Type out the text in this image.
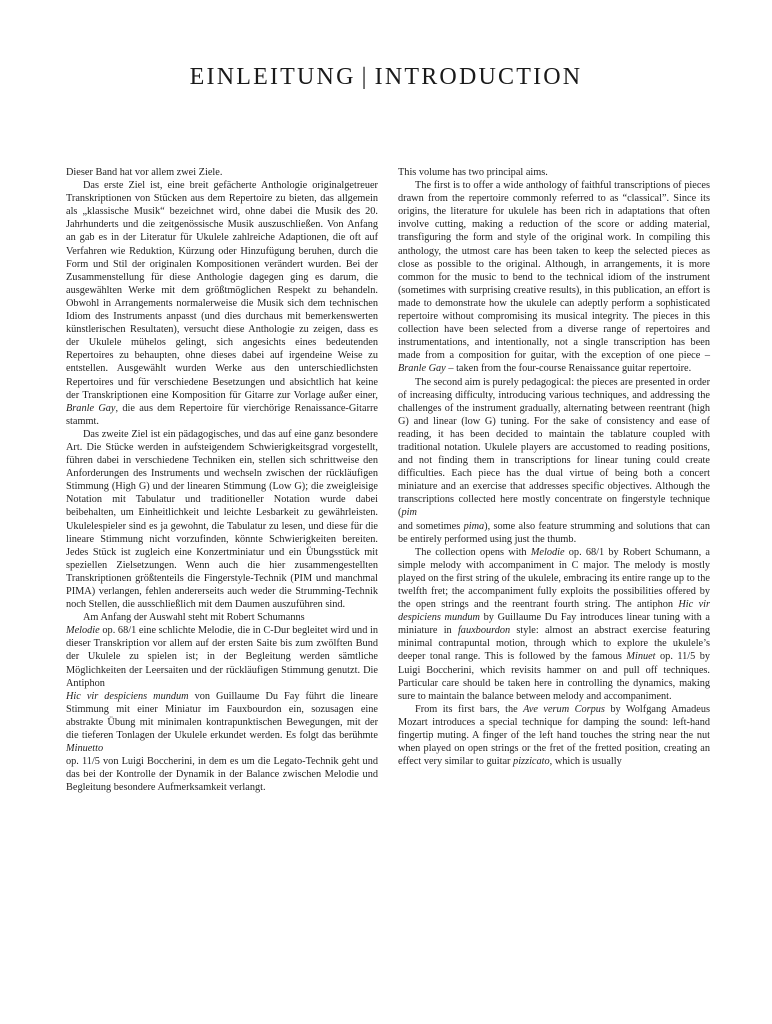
EINLEITUNG | INTRODUCTION

Dieser Band hat vor allem zwei Ziele.

Das erste Ziel ist, eine breit gefächerte Anthologie originalgetreuer Transkriptionen von Stücken aus dem Repertoire zu bieten, das allgemein als „klassische Musik“ bezeichnet wird, ohne dabei die Musik des 20. Jahrhunderts und die zeitgenössische Musik auszuschließen. Von Anfang an gab es in der Literatur für Ukulele zahlreiche Adaptionen, die oft auf Verfahren wie Reduktion, Kürzung oder Hinzufügung beruhen, durch die Form und Stil der originalen Kompositionen verändert wurden. Bei der Zusammenstellung für diese Anthologie dagegen ging es darum, die ausgewählten Werke mit dem größtmöglichen Respekt zu behandeln. Obwohl in Arrangements normalerweise die Musik sich dem technischen Idiom des Instruments anpasst (und dies durchaus mit bemerkenswerten künstlerischen Resultaten), versucht diese Anthologie zu zeigen, dass es der Ukulele mühelos gelingt, sich angesichts eines bedeutenden Repertoires zu behaupten, ohne dieses dabei auf irgendeine Weise zu entstellen. Ausgewählt wurden Werke aus den unterschiedlichsten Repertoires und für verschiedene Besetzungen und absichtlich hat keine der Transkriptionen eine Komposition für Gitarre zur Vorlage außer einer, Branle Gay, die aus dem Repertoire für vierchörige Renaissance-Gitarre stammt.

Das zweite Ziel ist ein pädagogisches, und das auf eine ganz besondere Art. Die Stücke werden in aufsteigendem Schwierigkeitsgrad vorgestellt, führen dabei in verschiedene Techniken ein, stellen sich schrittweise den Anforderungen des Instruments und wechseln zwischen der rückläufigen Stimmung (High G) und der linearen Stimmung (Low G); die zweigleisige Notation mit Tabulatur und traditioneller Notation wurde dabei beibehalten, um Einheitlichkeit und leichte Lesbarkeit zu gewährleisten. Ukulelespieler sind es ja gewohnt, die Tabulatur zu lesen, und diese für die lineare Stimmung nicht vorzufinden, könnte Schwierigkeiten bereiten. Jedes Stück ist zugleich eine Konzertminiatur und ein Übungsstück mit speziellen Zielsetzungen. Wenn auch die hier zusammengestellten Transkriptionen größtenteils die Fingerstyle-Technik (PIM und manchmal PIMA) verlangen, fehlen andererseits auch weder die Strumming-Technik noch Stellen, die ausschließlich mit dem Daumen auszuführen sind.

Am Anfang der Auswahl steht mit Robert Schumanns
Melodie op. 68/1 eine schlichte Melodie, die in C-Dur begleitet wird und in dieser Transkription vor allem auf der ersten Saite bis zum zwölften Bund der Ukulele zu spielen ist; in der Begleitung werden sämtliche Möglichkeiten der Leersaiten und der rückläufigen Stimmung genutzt. Die Antiphon
Hic vir despiciens mundum von Guillaume Du Fay führt die lineare Stimmung mit einer Miniatur im Fauxbourdon ein, sozusagen eine abstrakte Übung mit minimalen kontrapunktischen Bewegungen, mit der die tieferen Tonlagen der Ukulele erkundet werden. Es folgt das berühmte Minuetto
op. 11/5 von Luigi Boccherini, in dem es um die Legato-Technik geht und das bei der Kontrolle der Dynamik in der Balance zwischen Melodie und Begleitung besondere Aufmerksamkeit verlangt.

This volume has two principal aims.

The first is to offer a wide anthology of faithful transcriptions of pieces drawn from the repertoire commonly referred to as “classical”. Since its origins, the literature for ukulele has been rich in adaptations that often involve cutting, making a reduction of the score or adding material, transfiguring the form and style of the original work. In compiling this anthology, the utmost care has been taken to keep the selected pieces as close as possible to the original. Although, in arrangements, it is more common for the music to bend to the technical idiom of the instrument (sometimes with surprising creative results), in this publication, an effort is made to demonstrate how the ukulele can adeptly perform a sophisticated repertoire without compromising its musical integrity. The pieces in this collection have been selected from a diverse range of repertoires and instrumentations, and intentionally, not a single transcription has been made from a composition for guitar, with the exception of one piece – Branle Gay – taken from the four-course Renaissance guitar repertoire.

The second aim is purely pedagogical: the pieces are presented in order of increasing difficulty, introducing various techniques, and addressing the challenges of the instrument gradually, alternating between reentrant (high G) and linear (low G) tuning. For the sake of consistency and ease of reading, it has been decided to maintain the tablature coupled with traditional notation. Ukulele players are accustomed to reading positions, and not finding them in transcriptions for linear tuning could create difficulties. Each piece has the dual virtue of being both a concert miniature and an exercise that addresses specific objectives. Although the transcriptions collected here mostly concentrate on fingerstyle technique (pim
and sometimes pima), some also feature strumming and solutions that can be entirely performed using just the thumb.

The collection opens with Melodie op. 68/1 by Robert Schumann, a simple melody with accompaniment in C major. The melody is mostly played on the first string of the ukulele, embracing its entire range up to the twelfth fret; the accompaniment fully exploits the possibilities offered by the open strings and the reentrant fourth string. The antiphon Hic vir despiciens mundum by Guillaume Du Fay introduces linear tuning with a miniature in fauxbourdon style: almost an abstract exercise featuring minimal contrapuntal motion, through which to explore the ukulele’s deeper tonal range. This is followed by the famous Minuet op. 11/5 by Luigi Boccherini, which revisits hammer on and pull off techniques. Particular care should be taken here in controlling the dynamics, making sure to maintain the balance between melody and accompaniment.

From its first bars, the Ave verum Corpus by Wolfgang Amadeus Mozart introduces a special technique for damping the sound: left-hand fingertip muting. A finger of the left hand touches the string near the nut when played on open strings or the fret of the fretted position, creating an effect very similar to guitar pizzicato, which is usually
